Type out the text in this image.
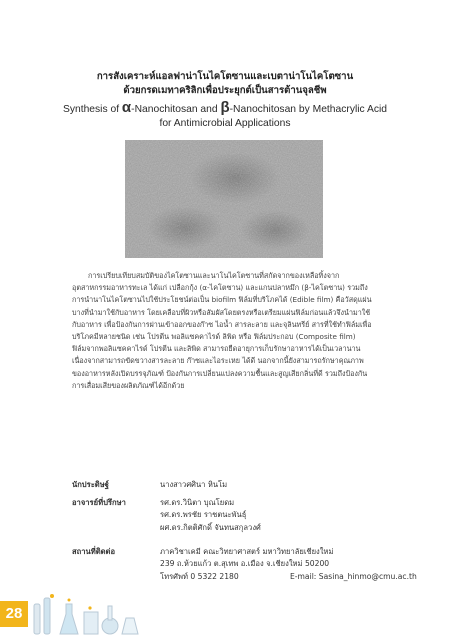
การสังเคราะห์แอลฟาน่าโนไคโตซานและเบตาน่าโนไคโตซาน
ด้วยกรดเมทาคริลิกเพื่อประยุกต์เป็นสารต้านจุลชีพ
Synthesis of α-Nanochitosan and β-Nanochitosan by Methacrylic Acid
for Antimicrobial Applications

การเปรียบเทียบสมบัติของไคโตซานและนาโนไคโตซานที่สกัดจากของเหลือทิ้งจากอุตสาหกรรมอาหารทะเล ได้แก่ เปลือกกุ้ง (α-ไคโตซาน) และแกนปลาหมึก (β-ไคโตซาน) รวมถึงการนำนาโนไคโตซานไปใช้ประโยชน์ต่อเป็น biofilm ฟิล์มที่บริโภคได้ (Edible film) คือวัสดุแผ่นบางที่นำมาใช้กับอาหาร โดยเคลือบที่ผิวหรือสัมผัสโดยตรงหรือเตรียมแผ่นฟิล์มก่อนแล้วจึงนำมาใช้กับอาหาร เพื่อป้องกันการผ่านเข้าออกของก๊าซ ไอน้ำ สารละลาย และจุลินทรีย์ สารที่ใช้ทำฟิล์มเพื่อบริโภคมีหลายชนิด เช่น โปรตีน พอลิแซคคาไรด์ ลิพิด หรือ ฟิล์มประกอบ (Composite film) ฟิล์มจากพอลิแซคคาไรด์ โปรตีน และลิพิด สามารถยืดอายุการเก็บรักษาอาหารได้เป็นเวลานาน เนื่องจากสามารถขัดขวางสารละลาย ก๊าซและไอระเหย ได้ดี นอกจากนี้ยังสามารถรักษาคุณภาพของอาหารหลังเปิดบรรจุภัณฑ์ ป้องกันการเปลี่ยนแปลงความชื้นและสูญเสียกลิ่นที่ดี รวมถึงป้องกันการเสื่อมเสียของผลิตภัณฑ์ได้อีกด้วย

นักประดิษฐ์	นางสาวศศินา หินโม
อาจารย์ที่ปรึกษา	รศ.ดร.วินิตา บุณโยดม
รศ.ดร.พรชัย ราชตนะพันธุ์
ผศ.ดร.กิตติศักดิ์ จันทนสกุลวงศ์
สถานที่ติดต่อ	ภาควิชาเคมี คณะวิทยาศาสตร์ มหาวิทยาลัยเชียงใหม่
239 ถ.ห้วยแก้ว ต.สุเทพ อ.เมือง จ.เชียงใหม่ 50200
โทรศัพท์ 0 5322 2180	E-mail: Sasina_hinmo@cmu.ac.th
28
